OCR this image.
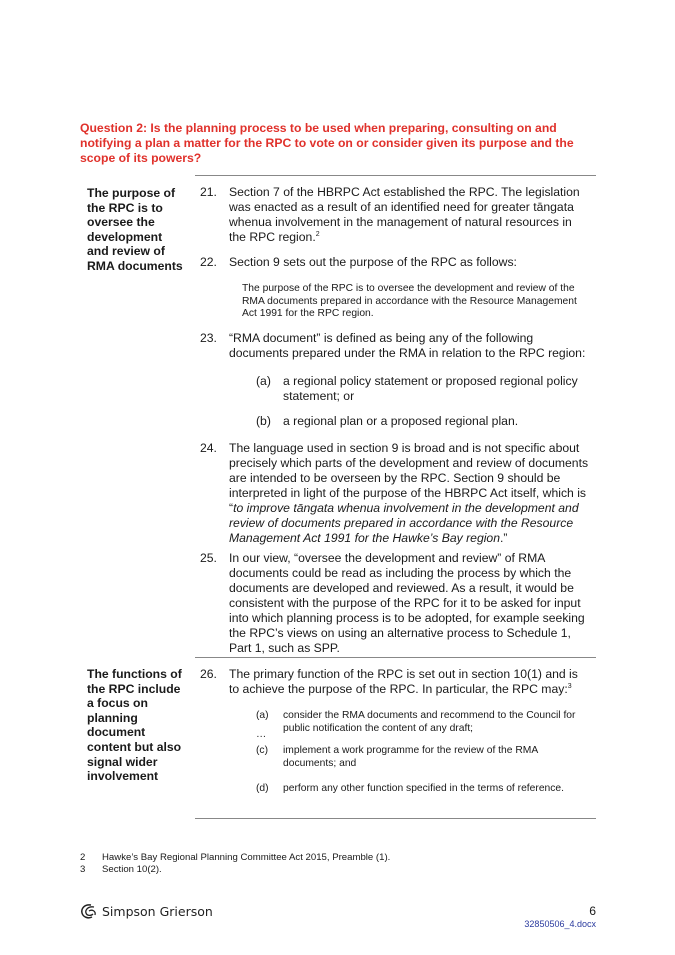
Question 2: Is the planning process to be used when preparing, consulting on and notifying a plan a matter for the RPC to vote on or consider given its purpose and the scope of its powers?
The purpose of the RPC is to oversee the development and review of RMA documents
21. Section 7 of the HBRPC Act established the RPC. The legislation was enacted as a result of an identified need for greater tāngata whenua involvement in the management of natural resources in the RPC region.$^2$
22. Section 9 sets out the purpose of the RPC as follows:
The purpose of the RPC is to oversee the development and review of the RMA documents prepared in accordance with the Resource Management Act 1991 for the RPC region.
23. “RMA document” is defined as being any of the following documents prepared under the RMA in relation to the RPC region:
(a) a regional policy statement or proposed regional policy statement; or
(b) a regional plan or a proposed regional plan.
24. The language used in section 9 is broad and is not specific about precisely which parts of the development and review of documents are intended to be overseen by the RPC. Section 9 should be interpreted in light of the purpose of the HBRPC Act itself, which is “to improve tāngata whenua involvement in the development and review of documents prepared in accordance with the Resource Management Act 1991 for the Hawke’s Bay region.”
25. In our view, “oversee the development and review” of RMA documents could be read as including the process by which the documents are developed and reviewed. As a result, it would be consistent with the purpose of the RPC for it to be asked for input into which planning process is to be adopted, for example seeking the RPC’s views on using an alternative process to Schedule 1, Part 1, such as SPP.
The functions of the RPC include a focus on planning document content but also signal wider involvement
26. The primary function of the RPC is set out in section 10(1) and is to achieve the purpose of the RPC. In particular, the RPC may:$^3$
(a) consider the RMA documents and recommend to the Council for public notification the content of any draft;
…
(c) implement a work programme for the review of the RMA documents; and
(d) perform any other function specified in the terms of reference.
2 Hawke’s Bay Regional Planning Committee Act 2015, Preamble (1).
3 Section 10(2).
Simpson Grierson	6
32850506_4.docx
